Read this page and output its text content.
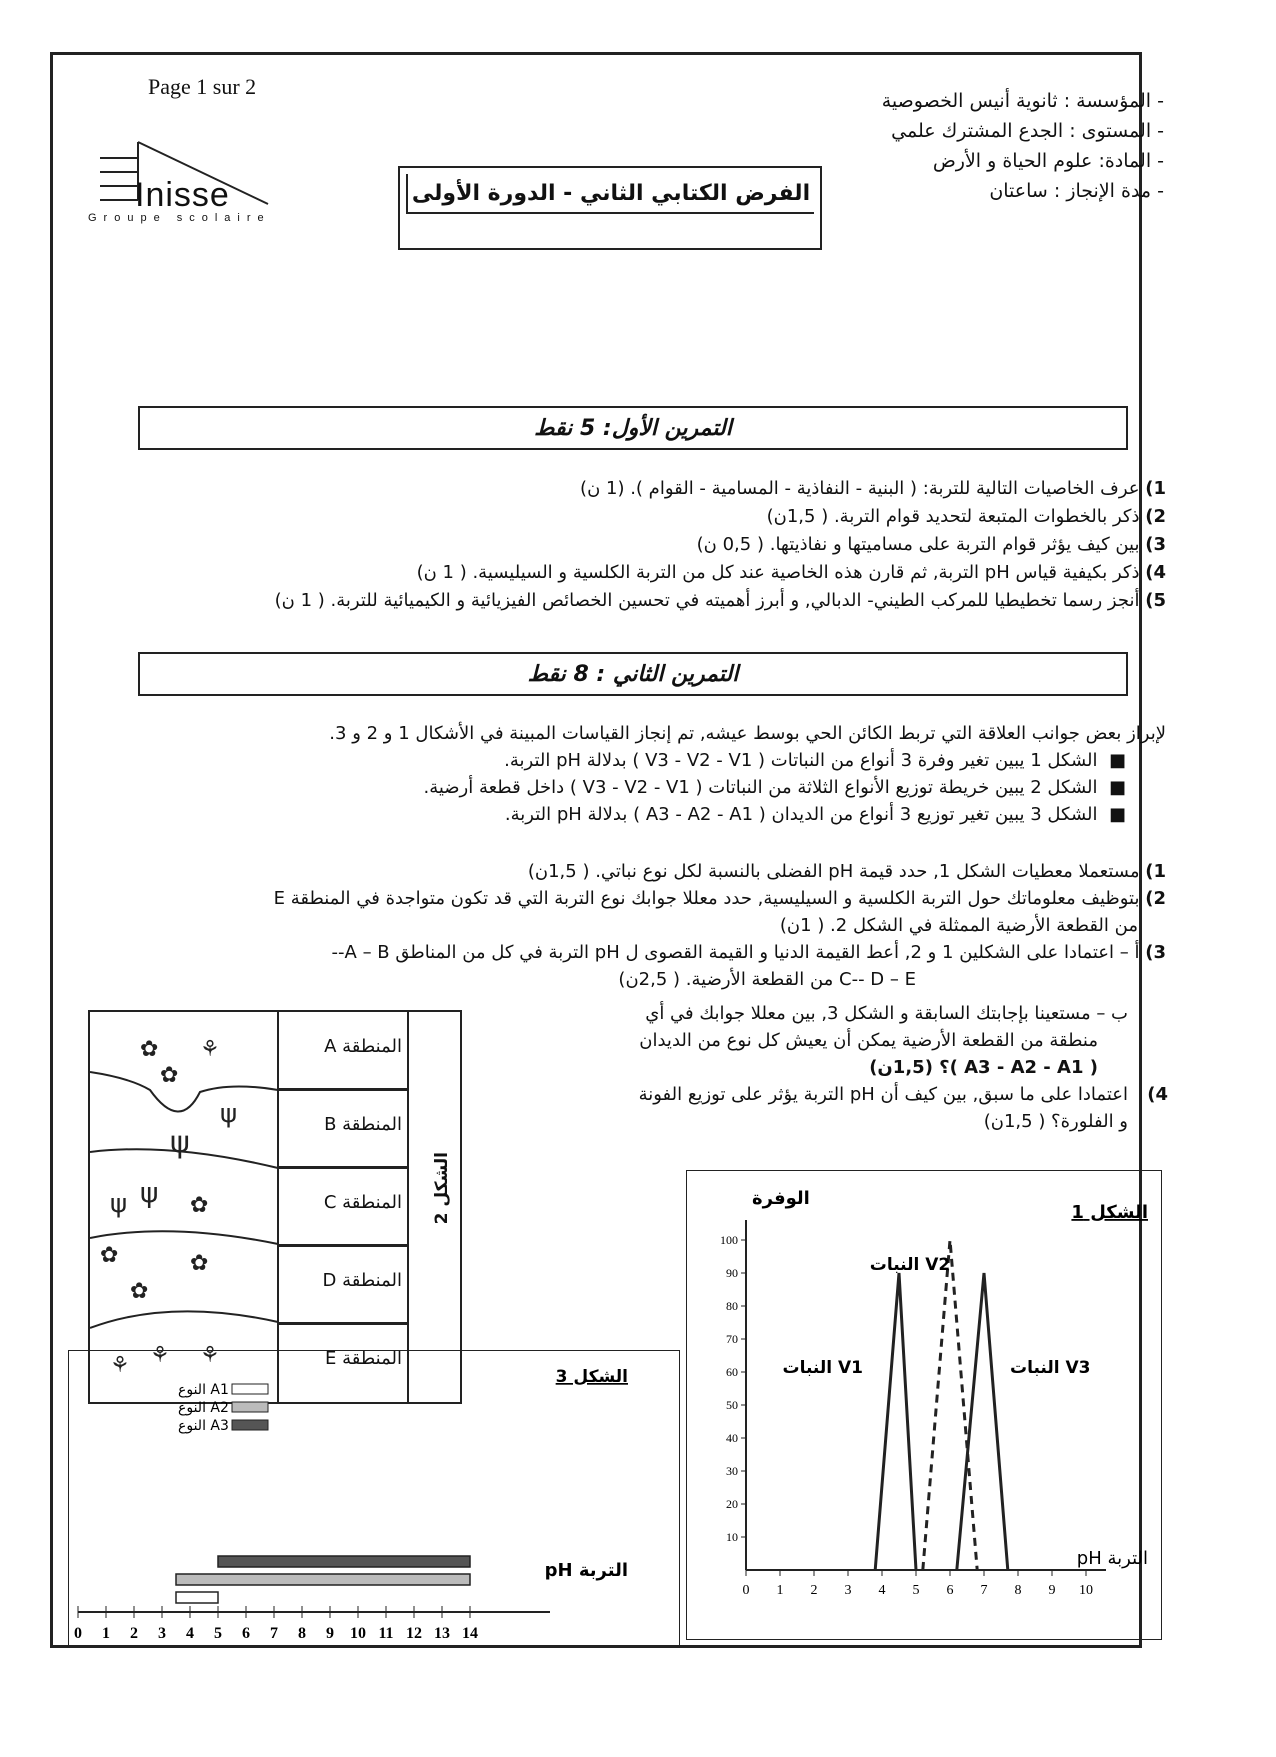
Page 1 sur 2
Inisse
Groupe scolaire
- المؤسسة : ثانوية أنيس الخصوصية
- المستوى : الجدع المشترك علمي
- المادة: علوم الحياة و الأرض
- مدة الإنجاز : ساعتان
الفرض الكتابي الثاني - الدورة الأولى
التمرين الأول: 5 نقط
1) عرف الخاصيات التالية للتربة: ( البنية - النفاذية - المسامية - القوام ). (1 ن)
2) ذكر بالخطوات المتبعة لتحديد قوام التربة. ( 1,5ن)
3) بين كيف يؤثر قوام التربة على مساميتها و نفاذيتها. ( 0,5 ن)
4) ذكر بكيفية قياس pH التربة, ثم قارن هذه الخاصية عند كل من التربة الكلسية و السيليسية. ( 1 ن)
5) أنجز رسما تخطيطيا للمركب الطيني- الدبالي, و أبرز أهميته في تحسين الخصائص الفيزيائية و الكيميائية للتربة. ( 1 ن)
التمرين الثاني : 8 نقط
لإبراز بعض جوانب العلاقة التي تربط الكائن الحي بوسط عيشه, تم إنجاز القياسات المبينة في الأشكال 1 و 2 و 3.
■  الشكل 1 يبين تغير وفرة 3 أنواع من النباتات ( V3 - V2 - V1 ) بدلالة pH التربة.
■  الشكل 2 يبين خريطة توزيع الأنواع الثلاثة من النباتات ( V3 - V2 - V1 ) داخل قطعة أرضية.
■  الشكل 3 يبين تغير توزيع 3 أنواع من الديدان ( A3 - A2 - A1 ) بدلالة pH التربة.
1) مستعملا معطيات الشكل 1, حدد قيمة pH الفضلى بالنسبة لكل نوع نباتي. ( 1,5ن)
2) بتوظيف معلوماتك حول التربة الكلسية و السيليسية, حدد معللا جوابك نوع التربة التي قد تكون متواجدة في المنطقة E
من القطعة الأرضية الممثلة في الشكل 2. ( 1ن)
3) أ – اعتمادا على الشكلين 1 و 2, أعط القيمة الدنيا و القيمة القصوى ل pH التربة في كل من المناطق A – B--
C-- D – E من القطعة الأرضية. ( 2,5ن)
ب – مستعينا بإجابتك السابقة و الشكل 3, بين معللا جوابك في أي
منطقة من القطعة الأرضية يمكن أن يعيش كل نوع من الديدان
( A3 - A2 - A1 )؟ (1,5ن)
4)
اعتمادا على ما سبق, بين كيف أن pH التربة يؤثر على توزيع الفونة
و الفلورة؟ ( 1,5ن)
✿ ⚘
✿
ψ
ψ
ψ ψ ✿
✿	✿
✿
⚘ ⚘ ⚘
المنطقة A
المنطقة B
المنطقة C
المنطقة D
المنطقة E
الشكل 2
0 1 2 3 4 5 6 7 8 9 10
10
20
30
40
50
60
70
80
90
100
الوفرة
pH التربة
الشكل 1
النبات V1
النبات V2
النبات V3
0 1 2 3 4 5 6 7 8 9 10 11 12 13 14
pH التربة
الشكل 3
النوع A1
النوع A2
النوع A3
